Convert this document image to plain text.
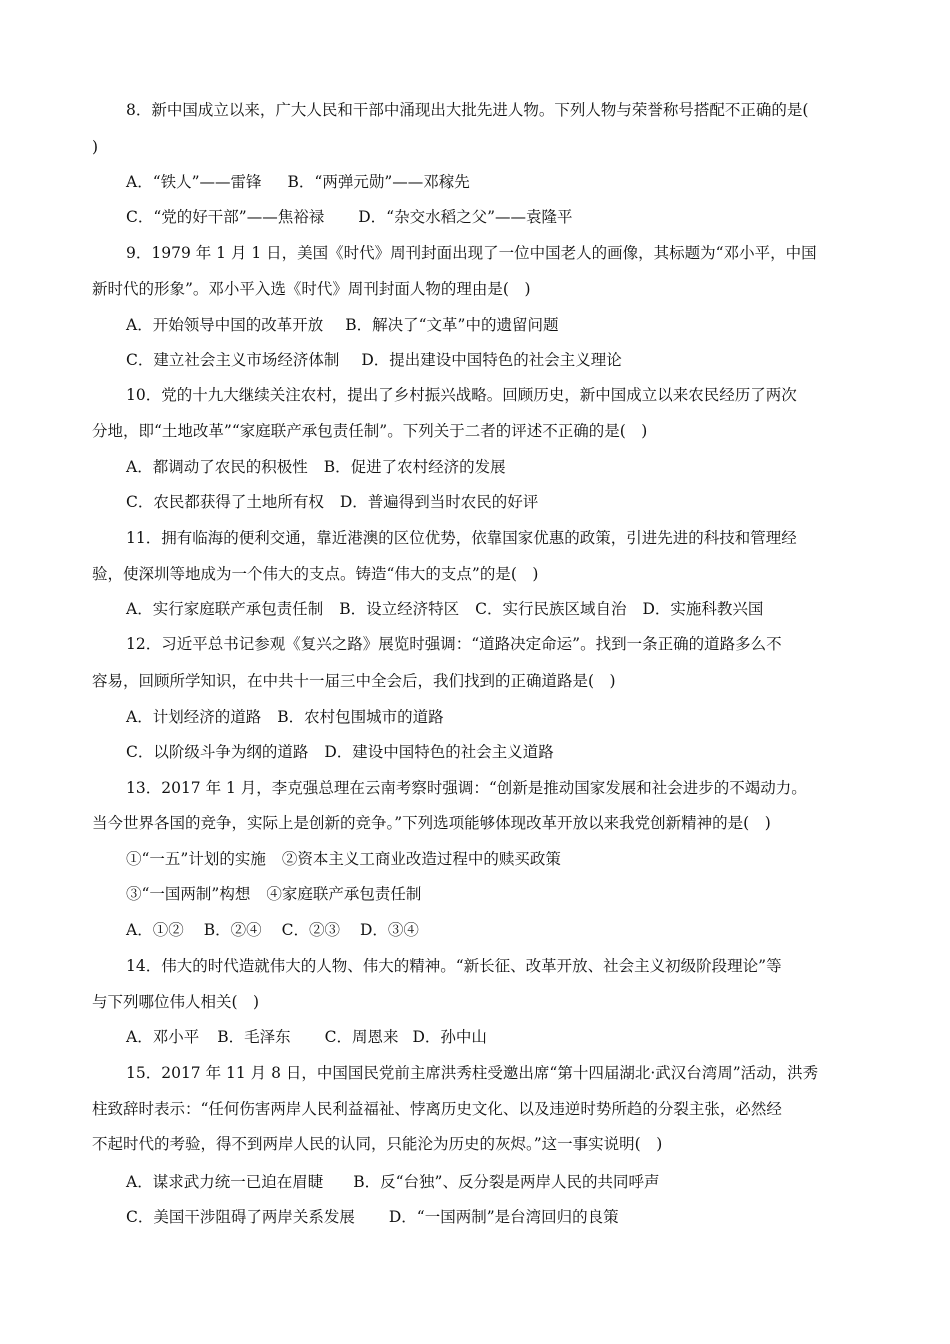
8．新中国成立以来，广大人民和干部中涌现出大批先进人物。下列人物与荣誉称号搭配不正确的是(
)
A．“铁人”——雷锋 B．“两弹元勋”——邓稼先
C．“党的好干部”——焦裕禄 D．“杂交水稻之父”——袁隆平
9．1979 年 1 月 1 日，美国《时代》周刊封面出现了一位中国老人的画像，其标题为“邓小平，中国
新时代的形象”。邓小平入选《时代》周刊封面人物的理由是(　)
A．开始领导中国的改革开放 B．解决了“文革”中的遗留问题
C．建立社会主义市场经济体制 D．提出建设中国特色的社会主义理论
10．党的十九大继续关注农村，提出了乡村振兴战略。回顾历史，新中国成立以来农民经历了两次
分地，即“土地改革”“家庭联产承包责任制”。下列关于二者的评述不正确的是(　)
A．都调动了农民的积极性 B．促进了农村经济的发展
C．农民都获得了土地所有权 D．普遍得到当时农民的好评
11．拥有临海的便利交通，靠近港澳的区位优势，依靠国家优惠的政策，引进先进的科技和管理经
验，使深圳等地成为一个伟大的支点。铸造“伟大的支点”的是(　)
A．实行家庭联产承包责任制 B．设立经济特区 C．实行民族区域自治 D．实施科教兴国
12．习近平总书记参观《复兴之路》展览时强调：“道路决定命运”。找到一条正确的道路多么不
容易，回顾所学知识，在中共十一届三中全会后，我们找到的正确道路是(　)
A．计划经济的道路 B．农村包围城市的道路
C．以阶级斗争为纲的道路 D．建设中国特色的社会主义道路
13．2017 年 1 月，李克强总理在云南考察时强调：“创新是推动国家发展和社会进步的不竭动力。
当今世界各国的竞争，实际上是创新的竞争。”下列选项能够体现改革开放以来我党创新精神的是(　)
①“一五”计划的实施 ②资本主义工商业改造过程中的赎买政策
③“一国两制”构想 ④家庭联产承包责任制
A．①② B．②④ C．②③ D．③④
14．伟大的时代造就伟大的人物、伟大的精神。“新长征、改革开放、社会主义初级阶段理论”等
与下列哪位伟人相关(　)
A．邓小平 B．毛泽东 C．周恩来 D．孙中山
15．2017 年 11 月 8 日，中国国民党前主席洪秀柱受邀出席“第十四届湖北·武汉台湾周”活动，洪秀
柱致辞时表示：“任何伤害两岸人民利益福祉、悖离历史文化、以及违逆时势所趋的分裂主张，必然经
不起时代的考验，得不到两岸人民的认同，只能沦为历史的灰烬。”这一事实说明(　)
A．谋求武力统一已迫在眉睫 B．反“台独”、反分裂是两岸人民的共同呼声
C．美国干涉阻碍了两岸关系发展 D．“一国两制”是台湾回归的良策
